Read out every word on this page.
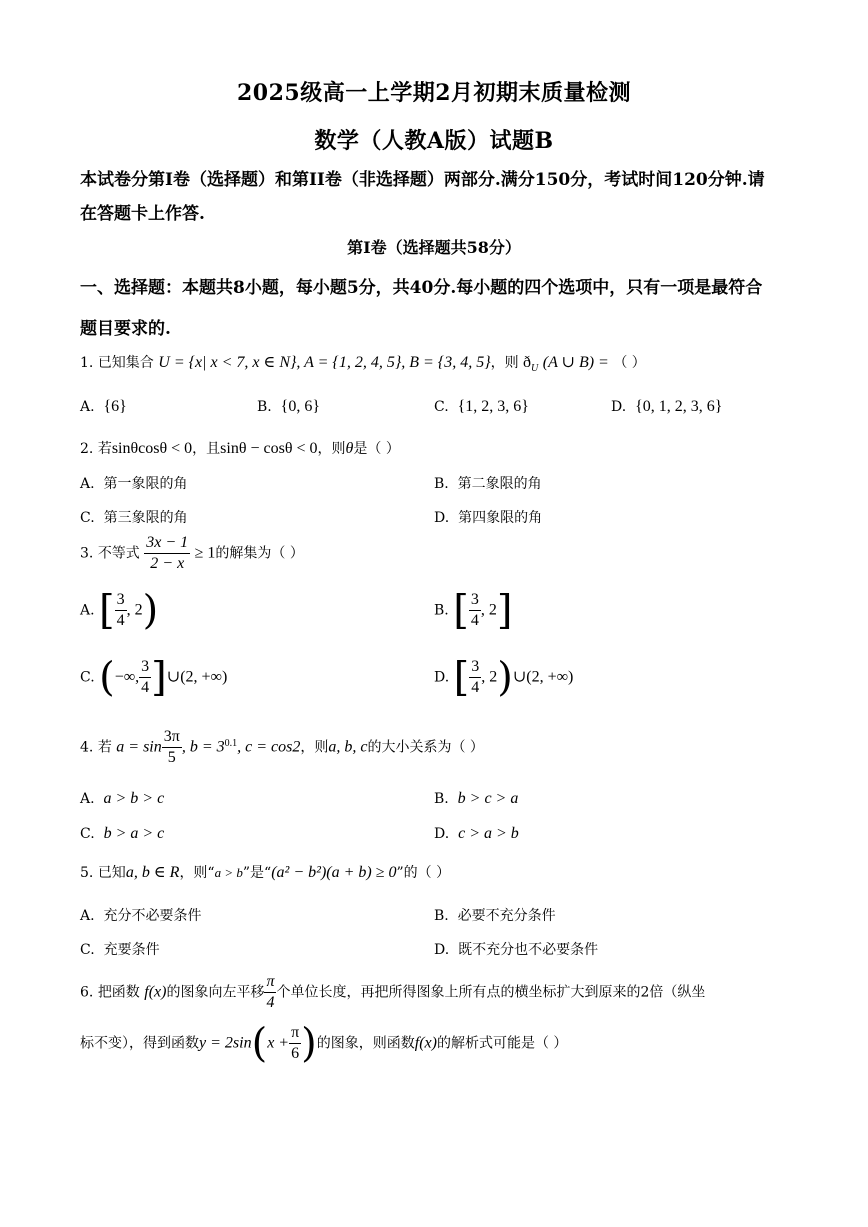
2025级高一上学期2月初期末质量检测
数学（人教A版）试题B
本试卷分第I卷（选择题）和第II卷（非选择题）两部分.满分150分，考试时间120分钟.请
在答题卡上作答.
第I卷（选择题共58分）
一、选择题：本题共8小题，每小题5分，共40分.每小题的四个选项中，只有一项是最符合
题目要求的.
1. 已知集合 U = {x| x < 7, x ∈ N}, A = {1, 2, 4, 5}, B = {3, 4, 5}，则 $ð_U$ (A ∪ B) = （ ）
A. {6}	B. {0, 6}	C. {1, 2, 3, 6}	D. {0, 1, 2, 3, 6}
2. 若sinθcosθ < 0，且sinθ − cosθ < 0，则θ是（ ）
A. 第一象限的角	B. 第二象限的角
C. 第三象限的角	D. 第四象限的角
3. 不等式 $\frac{3x - 1}{2 - x} \ge 1$的解集为（ ）
A. [ $\frac{3}{4}$ , 2)	B. [ $\frac{3}{4}$ , 2]
C. (−∞, $\frac{3}{4}$ ]∪(2, +∞)	D. [ $\frac{3}{4}$ , 2)∪(2, +∞)
4. 若 $a = \sin \frac{3\pi}{5}$ , $b = 3^{0.1}$, c = cos2，则a, b, c的大小关系为（ ）
A. a > b > c	B. b > c > a
C. b > a > c	D. c > a > b
5. 已知a, b ∈ R，则“a > b”是“(a² − b²)(a + b) ≥ 0”的（ ）
A. 充分不必要条件	B. 必要不充分条件
C. 充要条件	D. 既不充分也不必要条件
6. 把函数 f(x)的图象向左平移 $\frac{\pi}{4}$ 个单位长度，再把所得图象上所有点的横坐标扩大到原来的2倍（纵坐
标不变），得到函数$y = 2\sin(x + \frac{\pi}{6}$ )的图象，则函数f(x)的解析式可能是（ ）
